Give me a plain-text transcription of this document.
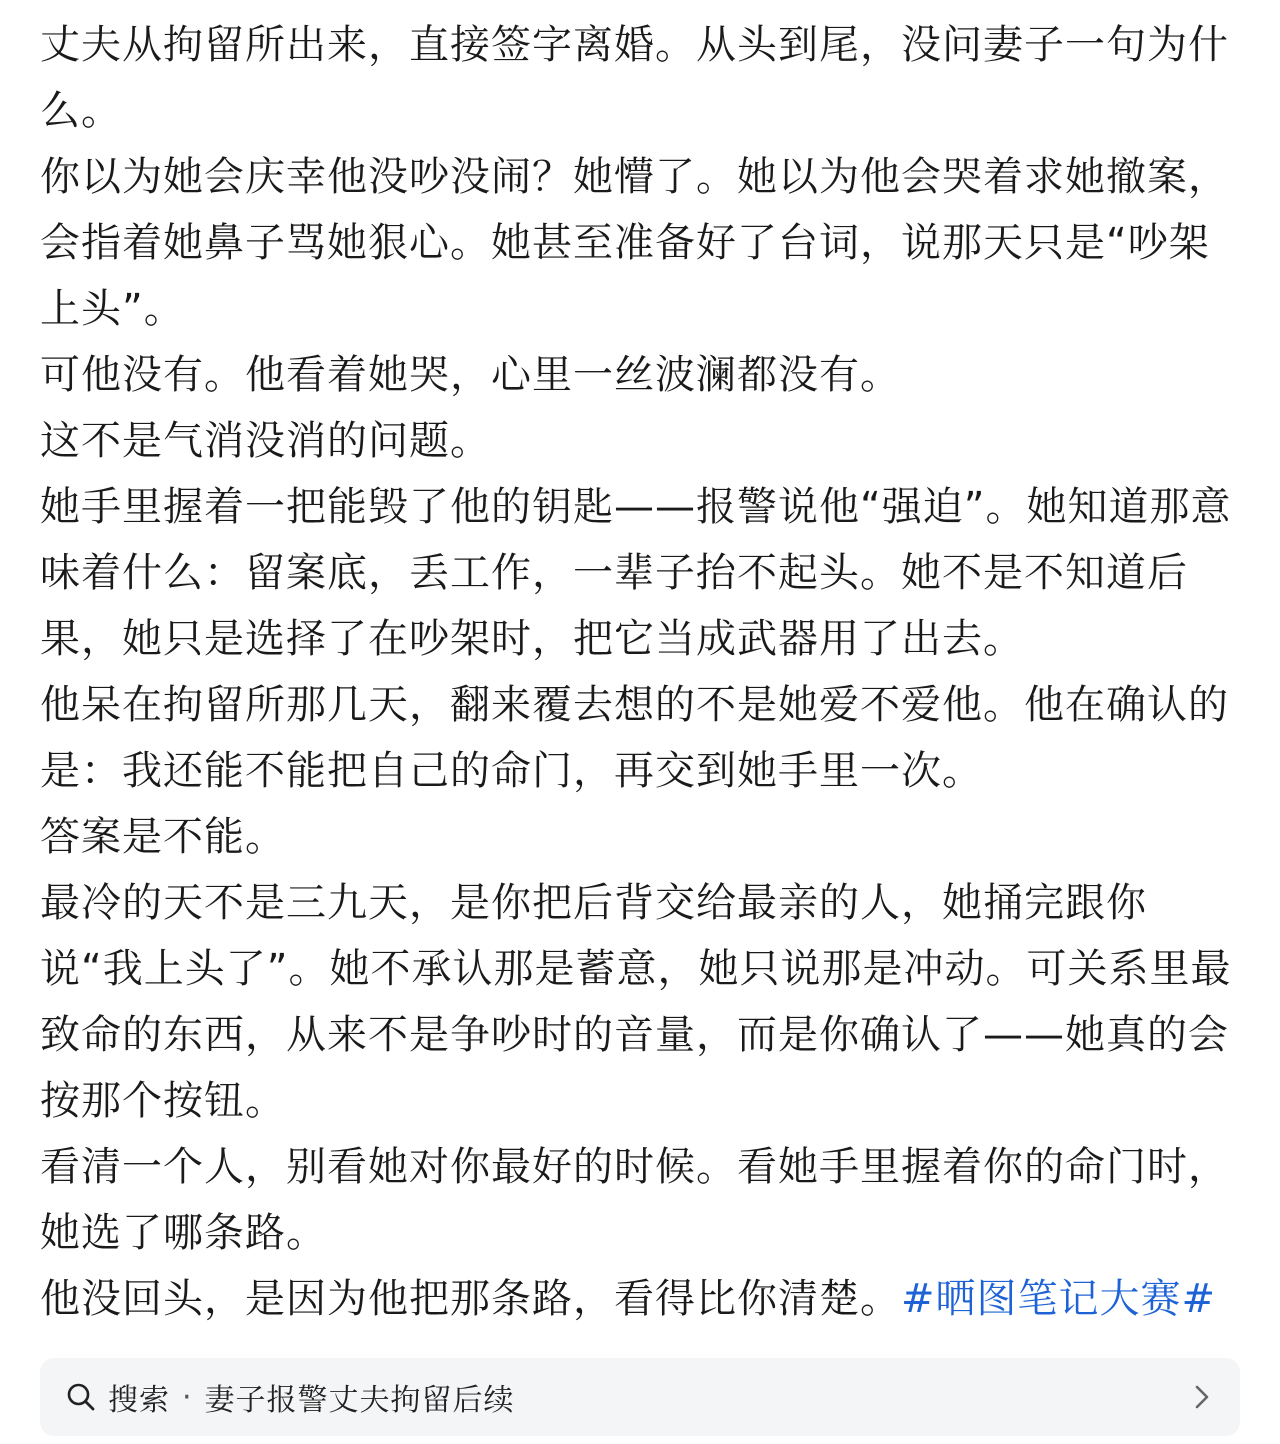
丈夫从拘留所出来，直接签字离婚。从头到尾，没问妻子一句为什么。

你以为她会庆幸他没吵没闹？她懵了。她以为他会哭着求她撤案，会指着她鼻子骂她狠心。她甚至准备好了台词，说那天只是“吵架上头”。

可他没有。他看着她哭，心里一丝波澜都没有。

这不是气消没消的问题。

她手里握着一把能毁了他的钥匙——报警说他“强迫”。她知道那意味着什么：留案底，丢工作，一辈子抬不起头。她不是不知道后果，她只是选择了在吵架时，把它当成武器用了出去。

他呆在拘留所那几天，翻来覆去想的不是她爱不爱他。他在确认的是：我还能不能把自己的命门，再交到她手里一次。

答案是不能。

最冷的天不是三九天，是你把后背交给最亲的人，她捅完跟你说“我上头了”。她不承认那是蓄意，她只说那是冲动。可关系里最致命的东西，从来不是争吵时的音量，而是你确认了——她真的会按那个按钮。

看清一个人，别看她对你最好的时候。看她手里握着你的命门时，她选了哪条路。

他没回头，是因为他把那条路，看得比你清楚。#晒图笔记大赛#

搜索 · 妻子报警丈夫拘留后续
